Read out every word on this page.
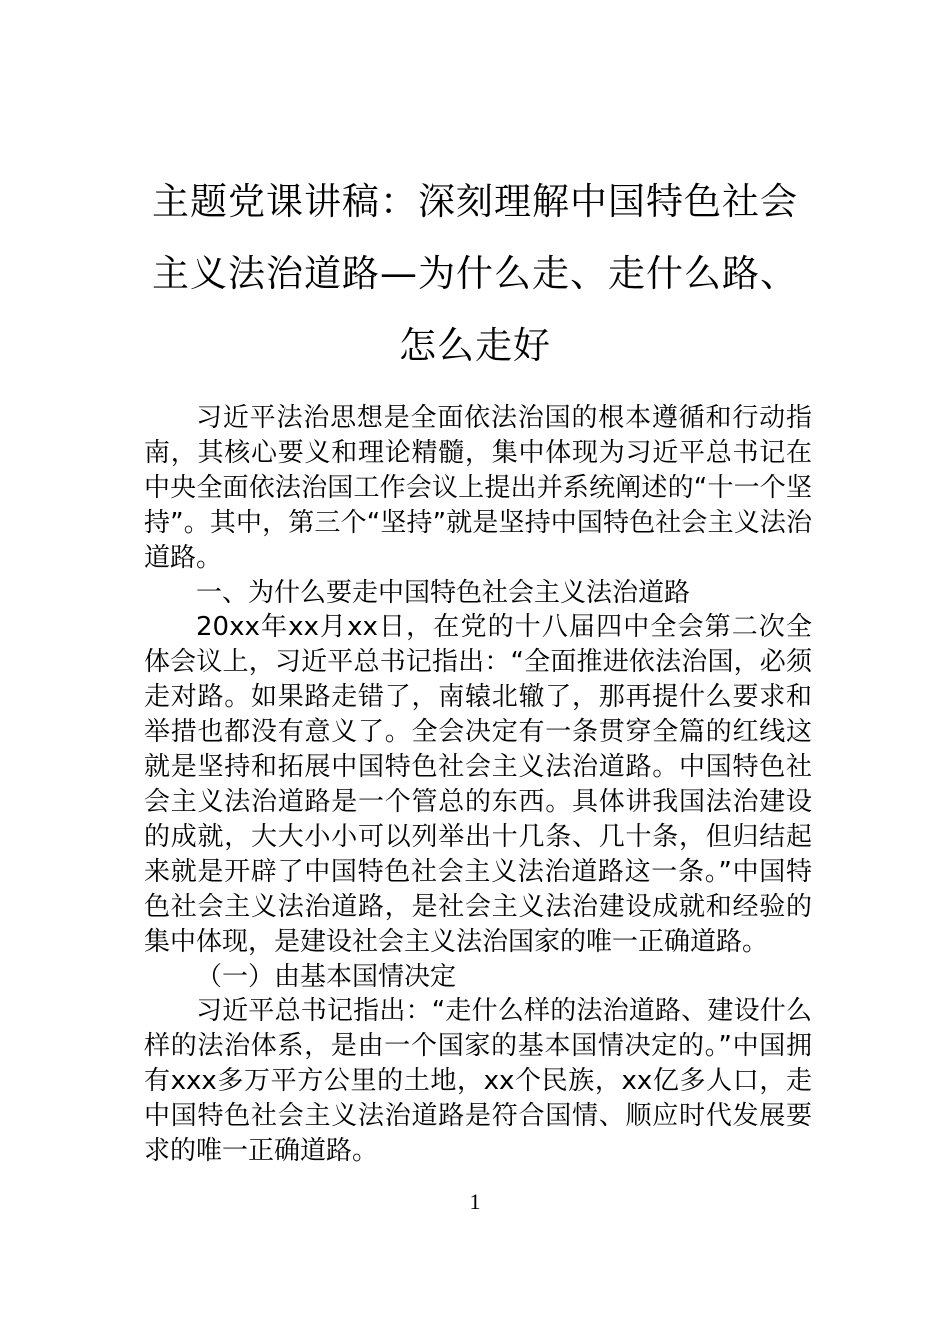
主题党课讲稿：深刻理解中国特色社会主义法治道路—为什么走、走什么路、怎么走好

习近平法治思想是全面依法治国的根本遵循和行动指南，其核心要义和理论精髓，集中体现为习近平总书记在中央全面依法治国工作会议上提出并系统阐述的“十一个坚持”。其中，第三个“坚持”就是坚持中国特色社会主义法治道路。

一、为什么要走中国特色社会主义法治道路

20xx年xx月xx日，在党的十八届四中全会第二次全体会议上，习近平总书记指出：“全面推进依法治国，必须走对路。如果路走错了，南辕北辙了，那再提什么要求和举措也都没有意义了。全会决定有一条贯穿全篇的红线这就是坚持和拓展中国特色社会主义法治道路。中国特色社会主义法治道路是一个管总的东西。具体讲我国法治建设的成就，大大小小可以列举出十几条、几十条，但归结起来就是开辟了中国特色社会主义法治道路这一条。”中国特色社会主义法治道路，是社会主义法治建设成就和经验的集中体现，是建设社会主义法治国家的唯一正确道路。

（一）由基本国情决定

习近平总书记指出：“走什么样的法治道路、建设什么样的法治体系，是由一个国家的基本国情决定的。”中国拥有xxx多万平方公里的土地，xx个民族，xx亿多人口，走中国特色社会主义法治道路是符合国情、顺应时代发展要求的唯一正确道路。

1
